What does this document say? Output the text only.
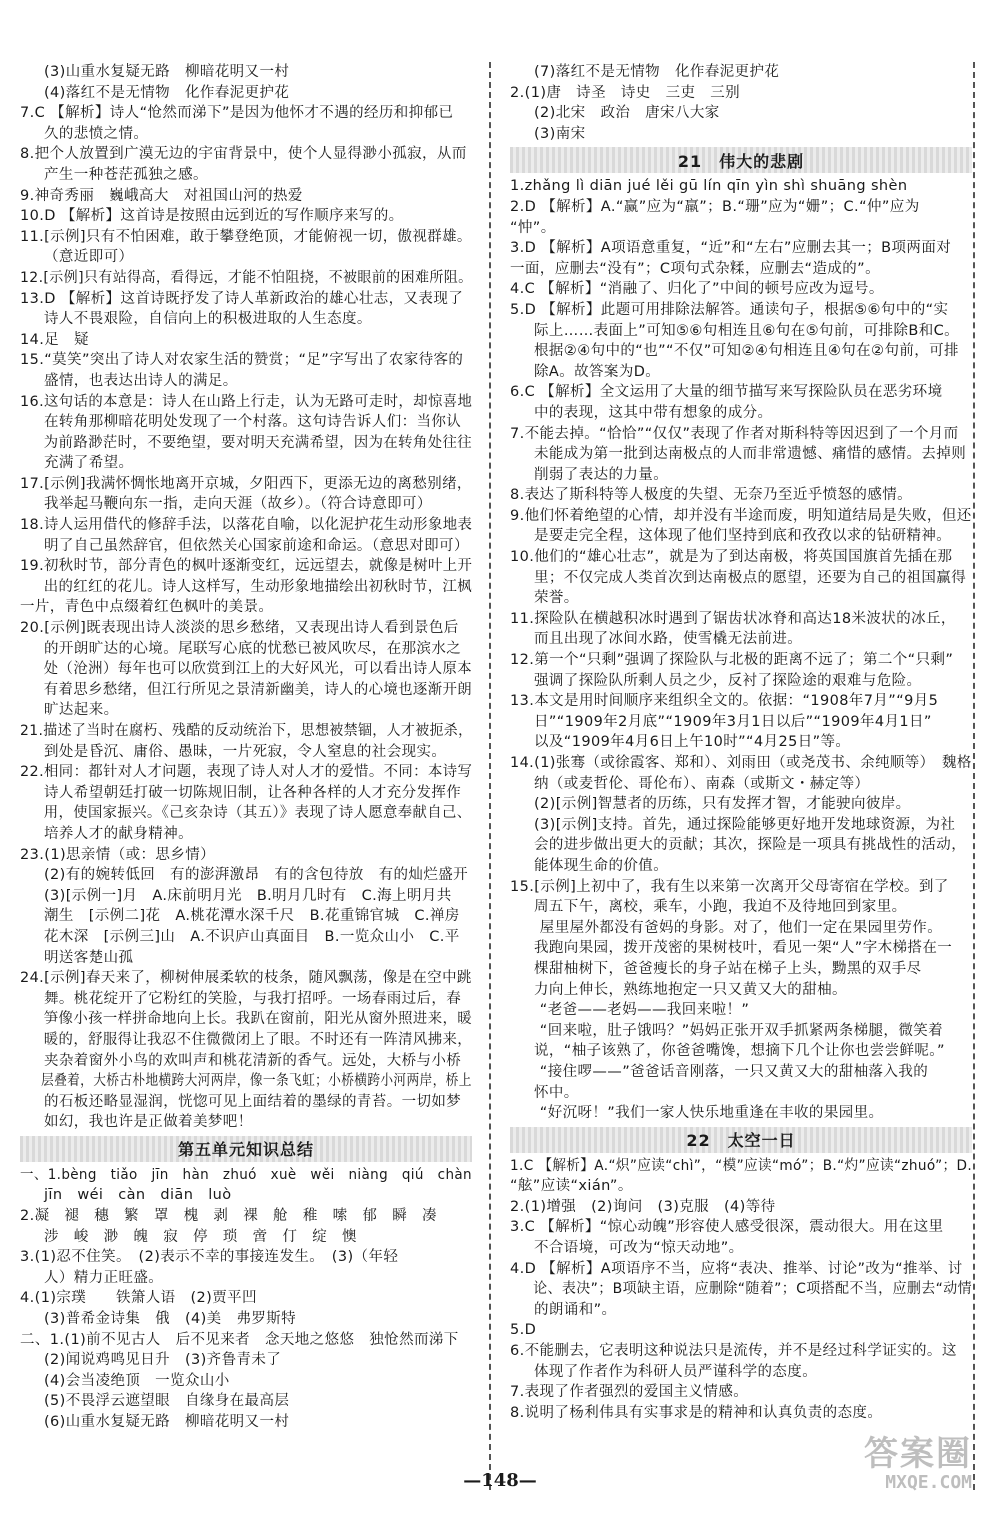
(3)山重水复疑无路　柳暗花明又一村
(4)落红不是无情物　化作春泥更护花
7.C 【解析】诗人“怆然而涕下”是因为他怀才不遇的经历和抑郁已
久的悲愤之情。
8.把个人放置到广漠无边的宇宙背景中，使个人显得渺小孤寂，从而
产生一种苍茫孤独之感。
9.神奇秀丽　巍峨高大　对祖国山河的热爱
10.D 【解析】这首诗是按照由远到近的写作顺序来写的。
11.[示例]只有不怕困难，敢于攀登绝顶，才能俯视一切，傲视群雄。
（意近即可）
12.[示例]只有站得高，看得远，才能不怕阻挠，不被眼前的困难所阻。
13.D 【解析】这首诗既抒发了诗人革新政治的雄心壮志，又表现了
诗人不畏艰险，自信向上的积极进取的人生态度。
14.足　疑
15.“莫笑”突出了诗人对农家生活的赞赏；“足”字写出了农家待客的
盛情，也表达出诗人的满足。
16.这句话的本意是：诗人在山路上行走，认为无路可走时，却惊喜地
在转角那柳暗花明处发现了一个村落。这句诗告诉人们：当你认
为前路渺茫时，不要绝望，要对明天充满希望，因为在转角处往往
充满了希望。
17.[示例]我满怀惆怅地离开京城，夕阳西下，更添无边的离愁别绪，
我举起马鞭向东一指，走向天涯（故乡）。（符合诗意即可）
18.诗人运用借代的修辞手法，以落花自喻，以化泥护花生动形象地表
明了自己虽然辞官，但依然关心国家前途和命运。（意思对即可）
19.初秋时节，部分青色的枫叶逐渐变红，远远望去，就像是树叶上开
出的红红的花儿。诗人这样写，生动形象地描绘出初秋时节，江枫
一片，青色中点缀着红色枫叶的美景。
20.[示例]既表现出诗人淡淡的思乡愁绪，又表现出诗人看到景色后
的开朗旷达的心境。尾联写心底的忧愁已被风吹尽，在那滨水之
处（沧洲）每年也可以欣赏到江上的大好风光，可以看出诗人原本
有着思乡愁绪，但江行所见之景清新幽美，诗人的心境也逐渐开朗
旷达起来。
21.描述了当时在腐朽、残酷的反动统治下，思想被禁锢，人才被扼杀，
到处是昏沉、庸俗、愚昧，一片死寂，令人窒息的社会现实。
22.相同：都针对人才问题，表现了诗人对人才的爱惜。不同：本诗写
诗人希望朝廷打破一切陈规旧制，让各种各样的人才充分发挥作
用，使国家振兴。《己亥杂诗（其五）》表现了诗人愿意奉献自己、
培养人才的献身精神。
23.(1)思亲情（或：思乡情）
(2)有的婉转低回　有的澎湃激昂　有的含包待放　有的灿烂盛开
(3)[示例一]月　A.床前明月光　B.明月几时有　C.海上明月共
潮生　[示例二]花　A.桃花潭水深千尺　B.花重锦官城　C.禅房
花木深　[示例三]山　A.不识庐山真面目　B.一览众山小　C.平
明送客楚山孤
24.[示例]春天来了，柳树伸展柔软的枝条，随风飘荡，像是在空中跳
舞。桃花绽开了它粉红的笑脸，与我打招呼。一场春雨过后，春
笋像小孩一样拼命地向上长。我趴在窗前，阳光从窗外照进来，暖
暖的，舒服得让我忍不住微微闭上了眼。不时还有一阵清风拂来，
夹杂着窗外小鸟的欢叫声和桃花清新的香气。远处，大桥与小桥
层叠着，大桥古朴地横跨大河两岸，像一条飞虹；小桥横跨小河两岸，桥上
的石板还略显湿润，恍惚可见上面结着的墨绿的青苔。一切如梦
如幻，我也许是正做着美梦吧！
第五单元知识总结
一、1.bèng　tiǎo　jīn　hàn　zhuó　xuè　wěi　niàng　qiú　chàn
jīn　wéi　càn　diān　luò
2.凝　褪　穗　繁　罩　槐　剥　裸　舱　稚　嗦　郁　瞬　凑
涉　峻　渺　魄　寂　停　琐　啻　仃　绽　懊
3.(1)忍不住笑。　(2)表示不幸的事接连发生。　(3)（年轻
人）精力正旺盛。
4.(1)宗璞　　铁箫人语　(2)贾平凹
(3)普希金诗集　俄　(4)美　弗罗斯特
二、1.(1)前不见古人　后不见来者　念天地之悠悠　独怆然而涕下
(2)闻说鸡鸣见日升　(3)齐鲁青未了
(4)会当凌绝顶　一览众山小
(5)不畏浮云遮望眼　自缘身在最高层
(6)山重水复疑无路　柳暗花明又一村
(7)落红不是无情物　化作春泥更护花
2.(1)唐　诗圣　诗史　三吏　三别
(2)北宋　政治　唐宋八大家
(3)南宋
21　伟大的悲剧
1.zhǎng lì diān jué lěi gū lín qīn yìn shì shuāng shèn
2.D 【解析】A.“赢”应为“羸”；B.“珊”应为“姗”；C.“仲”应为
“忡”。
3.D 【解析】A项语意重复，“近”和“左右”应删去其一；B项两面对
一面，应删去“没有”；C项句式杂糅，应删去“造成的”。
4.C 【解析】“消融了、归化了”中间的顿号应改为逗号。
5.D 【解析】此题可用排除法解答。通读句子，根据⑤⑥句中的“实
际上……表面上”可知⑤⑥句相连且⑥句在⑤句前，可排除B和C。
根据②④句中的“也”“不仅”可知②④句相连且④句在②句前，可排
除A。故答案为D。
6.C 【解析】全文运用了大量的细节描写来写探险队员在恶劣环境
中的表现，这其中带有想象的成分。
7.不能去掉。“恰恰”“仅仅”表现了作者对斯科特等因迟到了一个月而
未能成为第一批到达南极点的人而非常遗憾、痛惜的感情。去掉则
削弱了表达的力量。
8.表达了斯科特等人极度的失望、无奈乃至近乎愤怒的感情。
9.他们怀着绝望的心情，却并没有半途而废，明知道结局是失败，但还
是要走完全程，这体现了他们坚持到底和孜孜以求的钻研精神。
10.他们的“雄心壮志”，就是为了到达南极，将英国国旗首先插在那
里；不仅完成人类首次到达南极点的愿望，还要为自己的祖国赢得
荣誉。
11.探险队在横越积冰时遇到了锯齿状冰脊和高达18米波状的冰丘，
而且出现了冰间水路，使雪橇无法前进。
12.第一个“只剩”强调了探险队与北极的距离不远了；第二个“只剩”
强调了探险队所剩人员之少，反衬了探险途的艰难与危险。
13.本文是用时间顺序来组织全文的。依据：“1908年7月”“9月5
日”“1909年2月底”“1909年3月1日以后”“1909年4月1日”
以及“1909年4月6日上午10时”“4月25日”等。
14.(1)张骞（或徐霞客、郑和）、刘雨田（或尧茂书、余纯顺等）　魏格
纳（或麦哲伦、哥伦布）、南森（或斯文・赫定等）
(2)[示例]智慧者的历练，只有发挥才智，才能驶向彼岸。
(3)[示例]支持。首先，通过探险能够更好地开发地球资源，为社
会的进步做出更大的贡献；其次，探险是一项具有挑战性的活动，
能体现生命的价值。
15.[示例]上初中了，我有生以来第一次离开父母寄宿在学校。到了
周五下午，离校，乘车，小跑，我迫不及待地回到家里。
　　屋里屋外都没有爸妈的身影。对了，他们一定在果园里劳作。
我跑向果园，拨开茂密的果树枝叶，看见一架“人”字木梯搭在一
棵甜柚树下，爸爸瘦长的身子站在梯子上头，黝黑的双手尽
力向上伸长，熟练地抱定一只又黄又大的甜柚。
　　“老爸——老妈——我回来啦！”
　　“回来啦，肚子饿吗？”妈妈正张开双手抓紧两条梯腿，微笑着
说，“柚子该熟了，你爸爸嘴馋，想摘下几个让你也尝尝鲜呢。”
　　“接住啰——”爸爸话音刚落，一只又黄又大的甜柚落入我的
怀中。
　　“好沉呀！”我们一家人快乐地重逢在丰收的果园里。
22　太空一日
1.C 【解析】A.“炽”应读“chì”，“模”应读“mó”；B.“灼”应读“zhuó”；D.
“舷”应读“xián”。
2.(1)增强　(2)询问　(3)克服　(4)等待
3.C 【解析】“惊心动魄”形容使人感受很深，震动很大。用在这里
不合语境，可改为“惊天动地”。
4.D 【解析】A项语序不当，应将“表决、推举、讨论”改为“推举、讨
论、表决”；B项缺主语，应删除“随着”；C项搭配不当，应删去“动情
的朗诵和”。
5.D
6.不能删去，它表明这种说法只是流传，并不是经过科学证实的。这
体现了作者作为科研人员严谨科学的态度。
7.表现了作者强烈的爱国主义情感。
8.说明了杨利伟具有实事求是的精神和认真负责的态度。
—148—
答案圈
MXQE.COM
